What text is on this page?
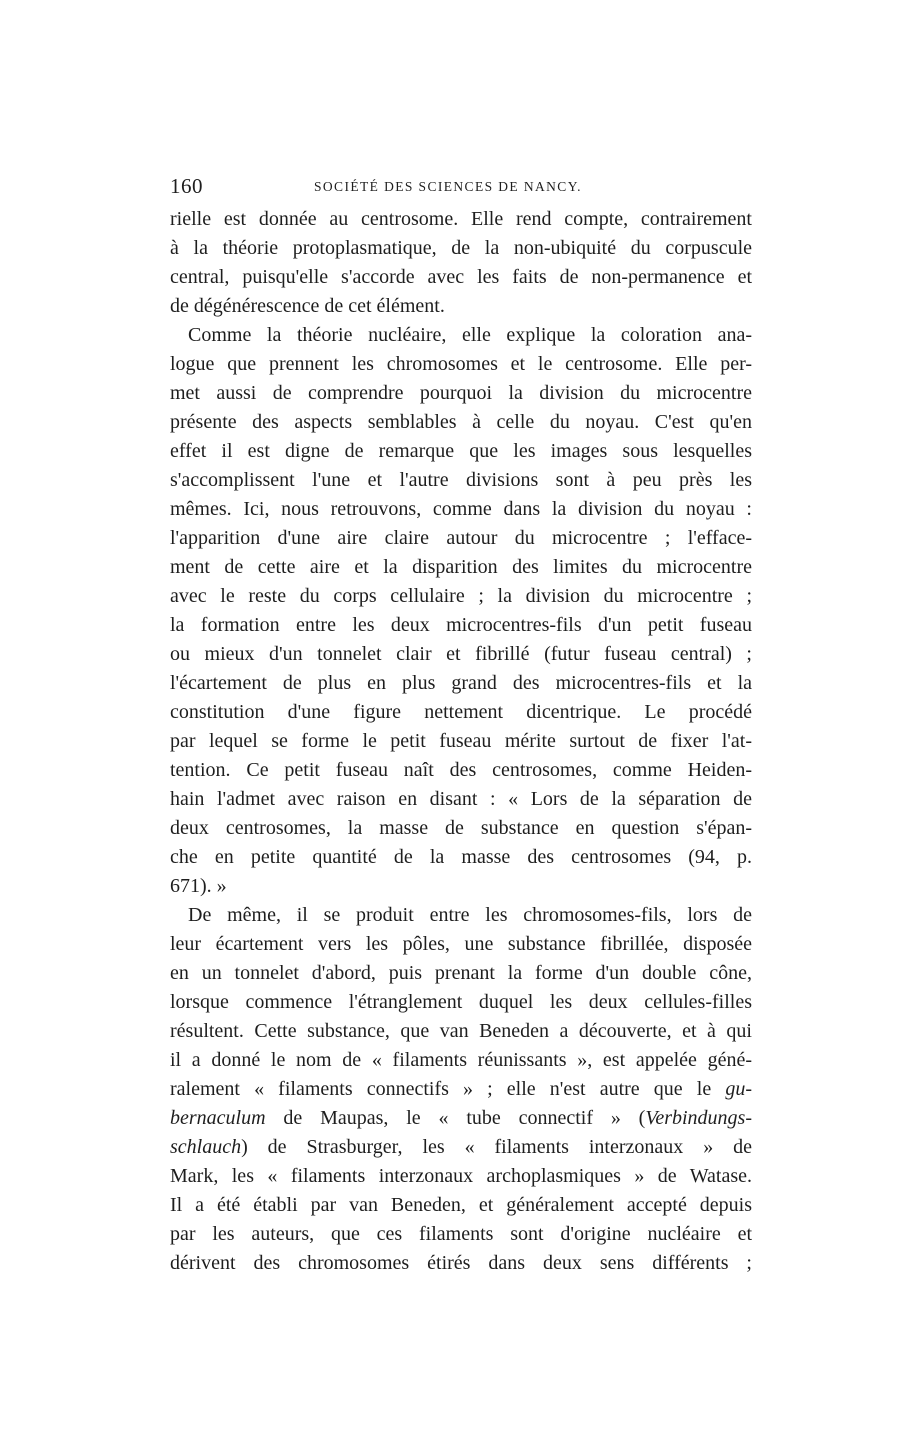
160	SOCIÉTÉ DES SCIENCES DE NANCY.
rielle est donnée au centrosome. Elle rend compte, contrairement
à la théorie protoplasmatique, de la non-ubiquité du corpuscule
central, puisqu'elle s'accorde avec les faits de non-permanence et
de dégénérescence de cet élément.
Comme la théorie nucléaire, elle explique la coloration ana-
logue que prennent les chromosomes et le centrosome. Elle per-
met aussi de comprendre pourquoi la division du microcentre
présente des aspects semblables à celle du noyau. C'est qu'en
effet il est digne de remarque que les images sous lesquelles
s'accomplissent l'une et l'autre divisions sont à peu près les
mêmes. Ici, nous retrouvons, comme dans la division du noyau :
l'apparition d'une aire claire autour du microcentre ; l'efface-
ment de cette aire et la disparition des limites du microcentre
avec le reste du corps cellulaire ; la division du microcentre ;
la formation entre les deux microcentres-fils d'un petit fuseau
ou mieux d'un tonnelet clair et fibrillé (futur fuseau central) ;
l'écartement de plus en plus grand des microcentres-fils et la
constitution d'une figure nettement dicentrique. Le procédé
par lequel se forme le petit fuseau mérite surtout de fixer l'at-
tention. Ce petit fuseau naît des centrosomes, comme Heiden-
hain l'admet avec raison en disant : « Lors de la séparation de
deux centrosomes, la masse de substance en question s'épan-
che en petite quantité de la masse des centrosomes (94, p.
671). »
De même, il se produit entre les chromosomes-fils, lors de
leur écartement vers les pôles, une substance fibrillée, disposée
en un tonnelet d'abord, puis prenant la forme d'un double cône,
lorsque commence l'étranglement duquel les deux cellules-filles
résultent. Cette substance, que van Beneden a découverte, et à qui
il a donné le nom de « filaments réunissants », est appelée géné-
ralement « filaments connectifs » ; elle n'est autre que le gu-
bernaculum de Maupas, le « tube connectif » (Verbindungs-
schlauch) de Strasburger, les « filaments interzonaux » de
Mark, les « filaments interzonaux archoplasmiques » de Watase.
Il a été établi par van Beneden, et généralement accepté depuis
par les auteurs, que ces filaments sont d'origine nucléaire et
dérivent des chromosomes étirés dans deux sens différents ;
